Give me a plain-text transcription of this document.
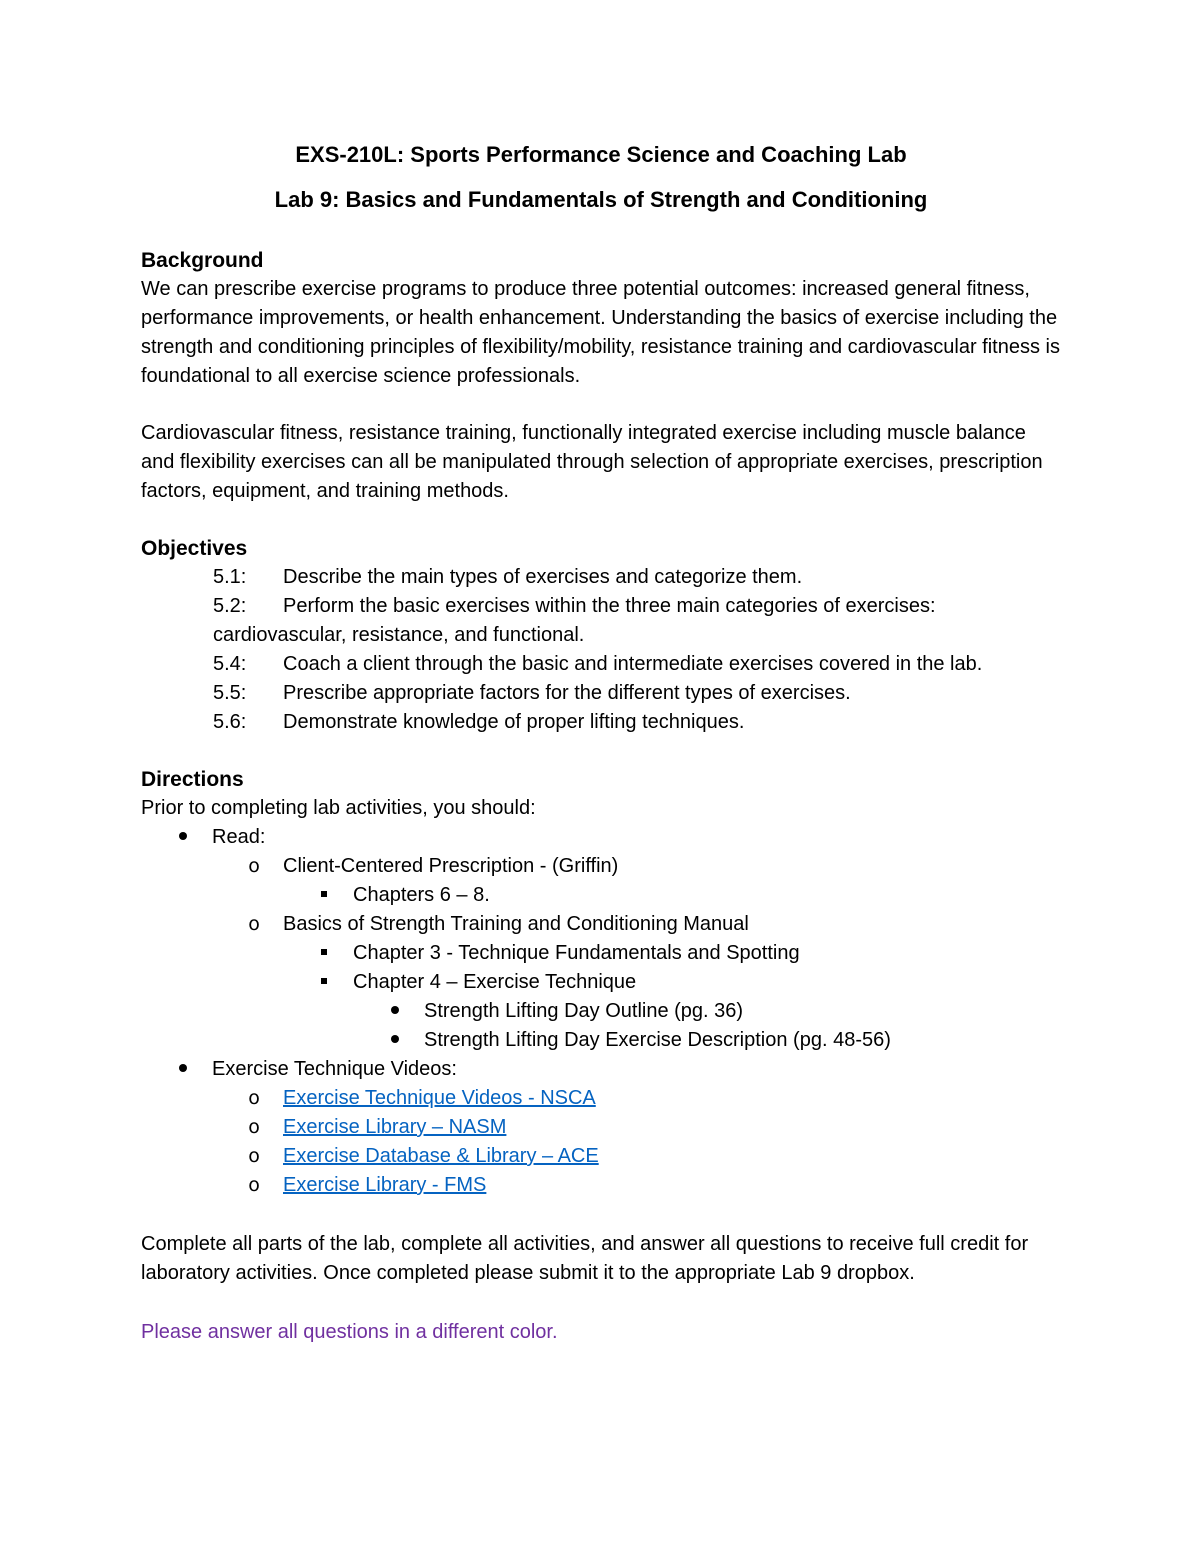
EXS-210L: Sports Performance Science and Coaching Lab

Lab 9: Basics and Fundamentals of Strength and Conditioning

Background

We can prescribe exercise programs to produce three potential outcomes: increased general fitness, performance improvements, or health enhancement. Understanding the basics of exercise including the strength and conditioning principles of flexibility/mobility, resistance training and cardiovascular fitness is foundational to all exercise science professionals.

Cardiovascular fitness, resistance training, functionally integrated exercise including muscle balance and flexibility exercises can all be manipulated through selection of appropriate exercises, prescription factors, equipment, and training methods.

Objectives

5.1: Describe the main types of exercises and categorize them.
5.2: Perform the basic exercises within the three main categories of exercises:
cardiovascular, resistance, and functional.
5.4: Coach a client through the basic and intermediate exercises covered in the lab.
5.5: Prescribe appropriate factors for the different types of exercises.
5.6: Demonstrate knowledge of proper lifting techniques.

Directions

Prior to completing lab activities, you should:

Read:
o Client-Centered Prescription - (Griffin)
Chapters 6 – 8.
o Basics of Strength Training and Conditioning Manual
Chapter 3 - Technique Fundamentals and Spotting
Chapter 4 – Exercise Technique
Strength Lifting Day Outline (pg. 36)
Strength Lifting Day Exercise Description (pg. 48-56)
Exercise Technique Videos:
o Exercise Technique Videos - NSCA
o Exercise Library – NASM
o Exercise Database & Library – ACE
o Exercise Library - FMS

Complete all parts of the lab, complete all activities, and answer all questions to receive full credit for laboratory activities. Once completed please submit it to the appropriate Lab 9 dropbox.

Please answer all questions in a different color.
